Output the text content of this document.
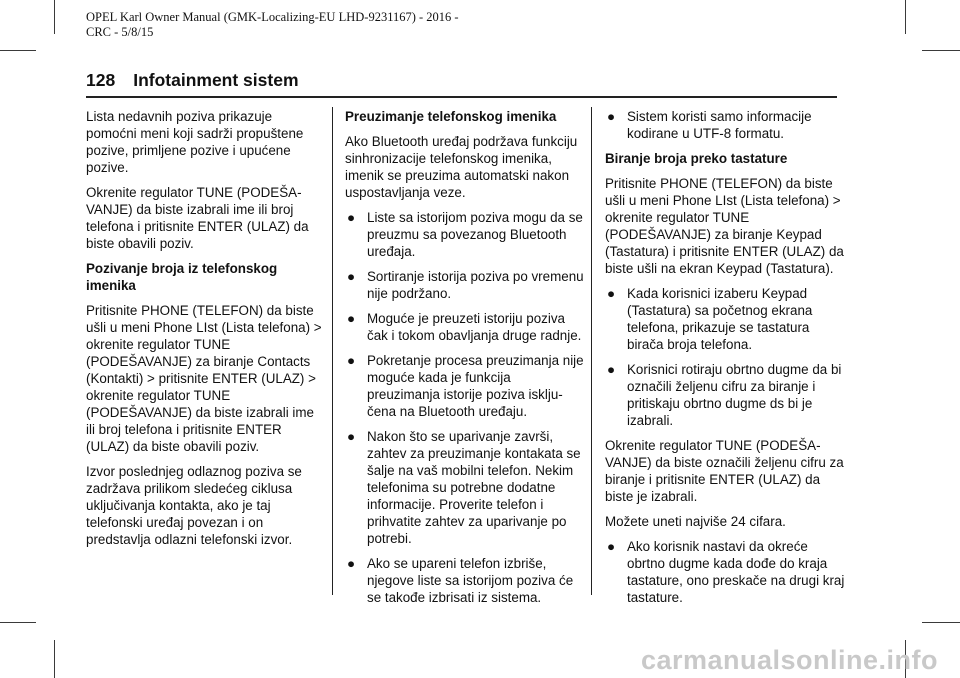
OPEL Karl Owner Manual (GMK-Localizing-EU LHD-9231167) - 2016 -
CRC - 5/8/15
128 Infotainment sistem

Lista nedavnih poziva prikazuje pomoćni meni koji sadrži propuštene pozive, primljene pozive i upućene pozive.

Okrenite regulator TUNE (PODEŠAVANJE) da biste izabrali ime ili broj telefona i pritisnite ENTER (ULAZ) da biste obavili poziv.

Pozivanje broja iz telefonskog imenika

Pritisnite PHONE (TELEFON) da biste ušli u meni Phone LIst (Lista telefona) > okrenite regulator TUNE (PODEŠAVANJE) za biranje Contacts (Kontakti) > pritisnite ENTER (ULAZ) > okrenite regulator TUNE (PODEŠAVANJE) da biste izabrali ime ili broj telefona i pritisnite ENTER (ULAZ) da biste obavili poziv.

Izvor poslednjeg odlaznog poziva se zadržava prilikom sledećeg ciklusa uključivanja kontakta, ako je taj telefonski uređaj povezan i on predstavlja odlazni telefonski izvor.

Preuzimanje telefonskog imenika

Ako Bluetooth uređaj podržava funkciju sinhronizacije telefonskog imenika, imenik se preuzima automatski nakon uspostavljanja veze.

● Liste sa istorijom poziva mogu da se preuzmu sa povezanog Bluetooth uređaja.
● Sortiranje istorija poziva po vremenu nije podržano.
● Moguće je preuzeti istoriju poziva čak i tokom obavljanja druge radnje.
● Pokretanje procesa preuzimanja nije moguće kada je funkcija preuzimanja istorije poziva isključena na Bluetooth uređaju.
● Nakon što se uparivanje završi, zahtev za preuzimanje kontakata se šalje na vaš mobilni telefon. Nekim telefonima su potrebne dodatne informacije. Proverite telefon i prihvatite zahtev za uparivanje po potrebi.
● Ako se upareni telefon izbriše, njegove liste sa istorijom poziva će se takođe izbrisati iz sistema.
● Sistem koristi samo informacije kodirane u UTF-8 formatu.

Biranje broja preko tastature

Pritisnite PHONE (TELEFON) da biste ušli u meni Phone LIst (Lista telefona) > okrenite regulator TUNE (PODEŠAVANJE) za biranje Keypad (Tastatura) i pritisnite ENTER (ULAZ) da biste ušli na ekran Keypad (Tastatura).

● Kada korisnici izaberu Keypad (Tastatura) sa početnog ekrana telefona, prikazuje se tastatura birača broja telefona.
● Korisnici rotiraju obrtno dugme da bi označili željenu cifru za biranje i pritiskaju obrtno dugme ds bi je izabrali.

Okrenite regulator TUNE (PODEŠAVANJE) da biste označili željenu cifru za biranje i pritisnite ENTER (ULAZ) da biste je izabrali.

Možete uneti najviše 24 cifara.

● Ako korisnik nastavi da okreće obrtno dugme kada dođe do kraja tastature, ono preskače na drugi kraj tastature.
carmanualsonline.info
